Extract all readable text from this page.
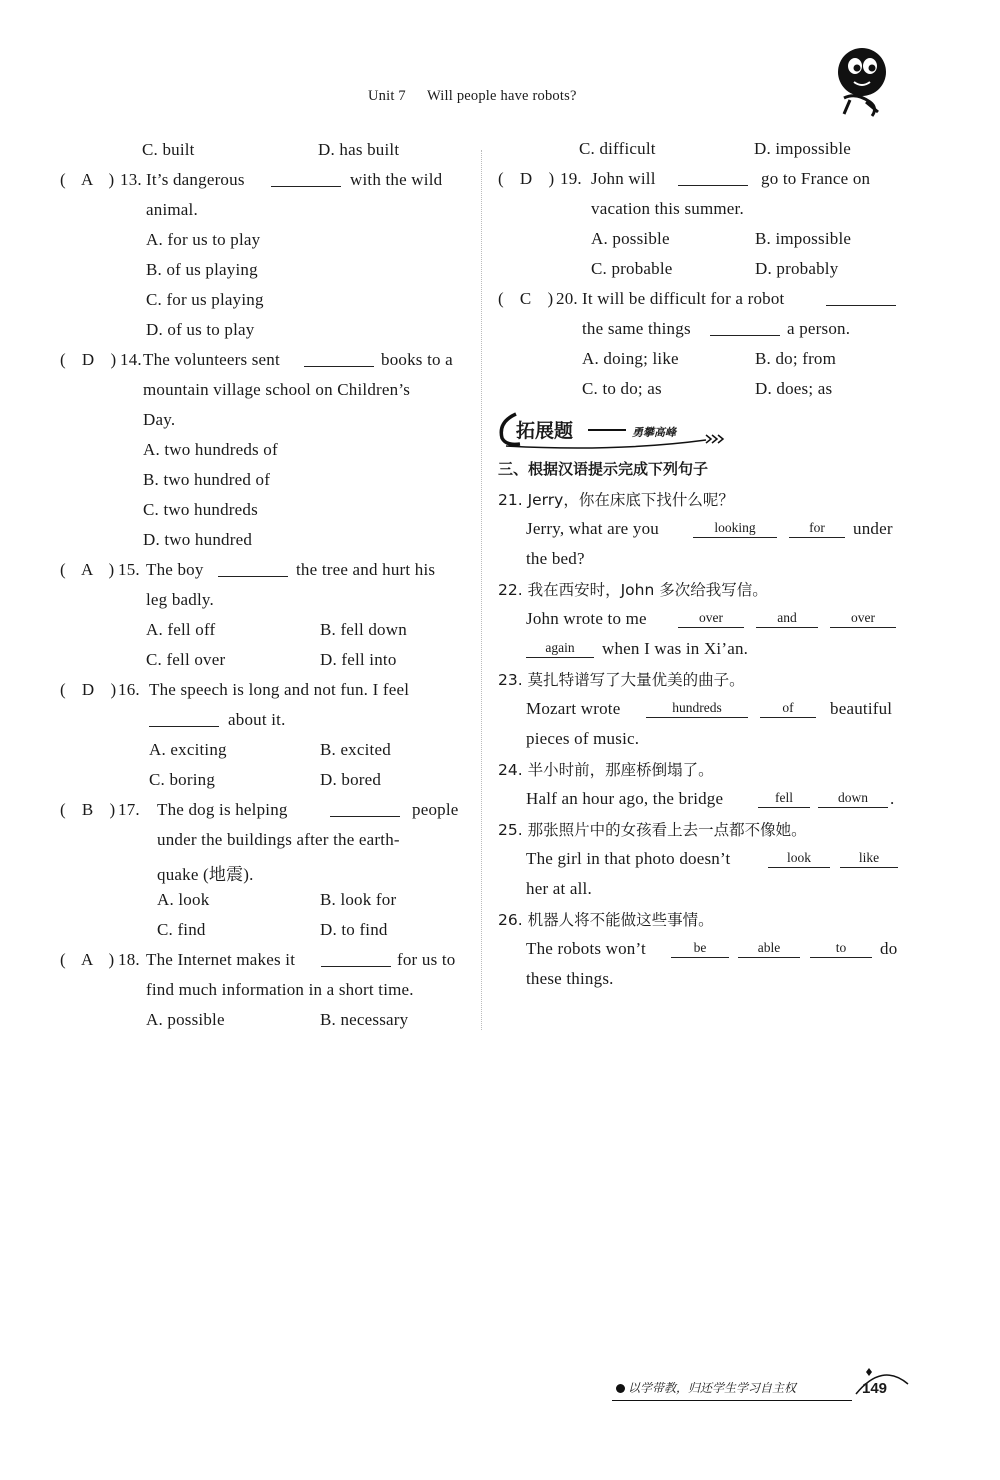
Unit 7 Will people have robots?
C. built	D. has built
( A ) 13. It’s dangerous	with the wild
animal.
A. for us to play
B. of us playing
C. for us playing
D. of us to play
( D )
14. The volunteers sent	books to a
mountain village school on Children’s
Day.
A. two hundreds of
B. two hundred of
C. two hundreds
D. two hundred
( A )
15. The boy	the tree and hurt his
leg badly.
A. fell off	B. fell down
C. fell over	D. fell into
( D )
16. The speech is long and not fun. I feel
about it.
A. exciting	B. excited
C. boring	D. bored
( B )
17. The dog is helping	people
under the buildings after the earth-
quake (地震).
A. look	B. look for
C. find	D. to find
( A )
18. The Internet makes it	for us to
find much information in a short time.
A. possible	B. necessary
C. difficult	D. impossible
( D ) 19. John will	go to France on
vacation this summer.
A. possible	B. impossible
C. probable	D. probably
( C )
20. It will be difficult for a robot
the same things	a person.
A. doing; like	B. do; from
C. to do; as	D. does; as
拓展题	勇攀高峰
三、根据汉语提示完成下列句子
21. Jerry，你在床底下找什么呢？
Jerry, what are you	looking	for	under
the bed?
22. 我在西安时，John 多次给我写信。
John wrote to me	over	and	over
again	when I was in Xi’an.
23. 莫扎特谱写了大量优美的曲子。
Mozart wrote	hundreds	of	beautiful
pieces of music.
24. 半小时前，那座桥倒塌了。
Half an hour ago, the bridge	fell	down	.
25. 那张照片中的女孩看上去一点都不像她。
The girl in that photo doesn’t	look	like
her at all.
26. 机器人将不能做这些事情。
The robots won’t	be	able	to	do
these things.
以学带教，归还学生学习自主权	149
